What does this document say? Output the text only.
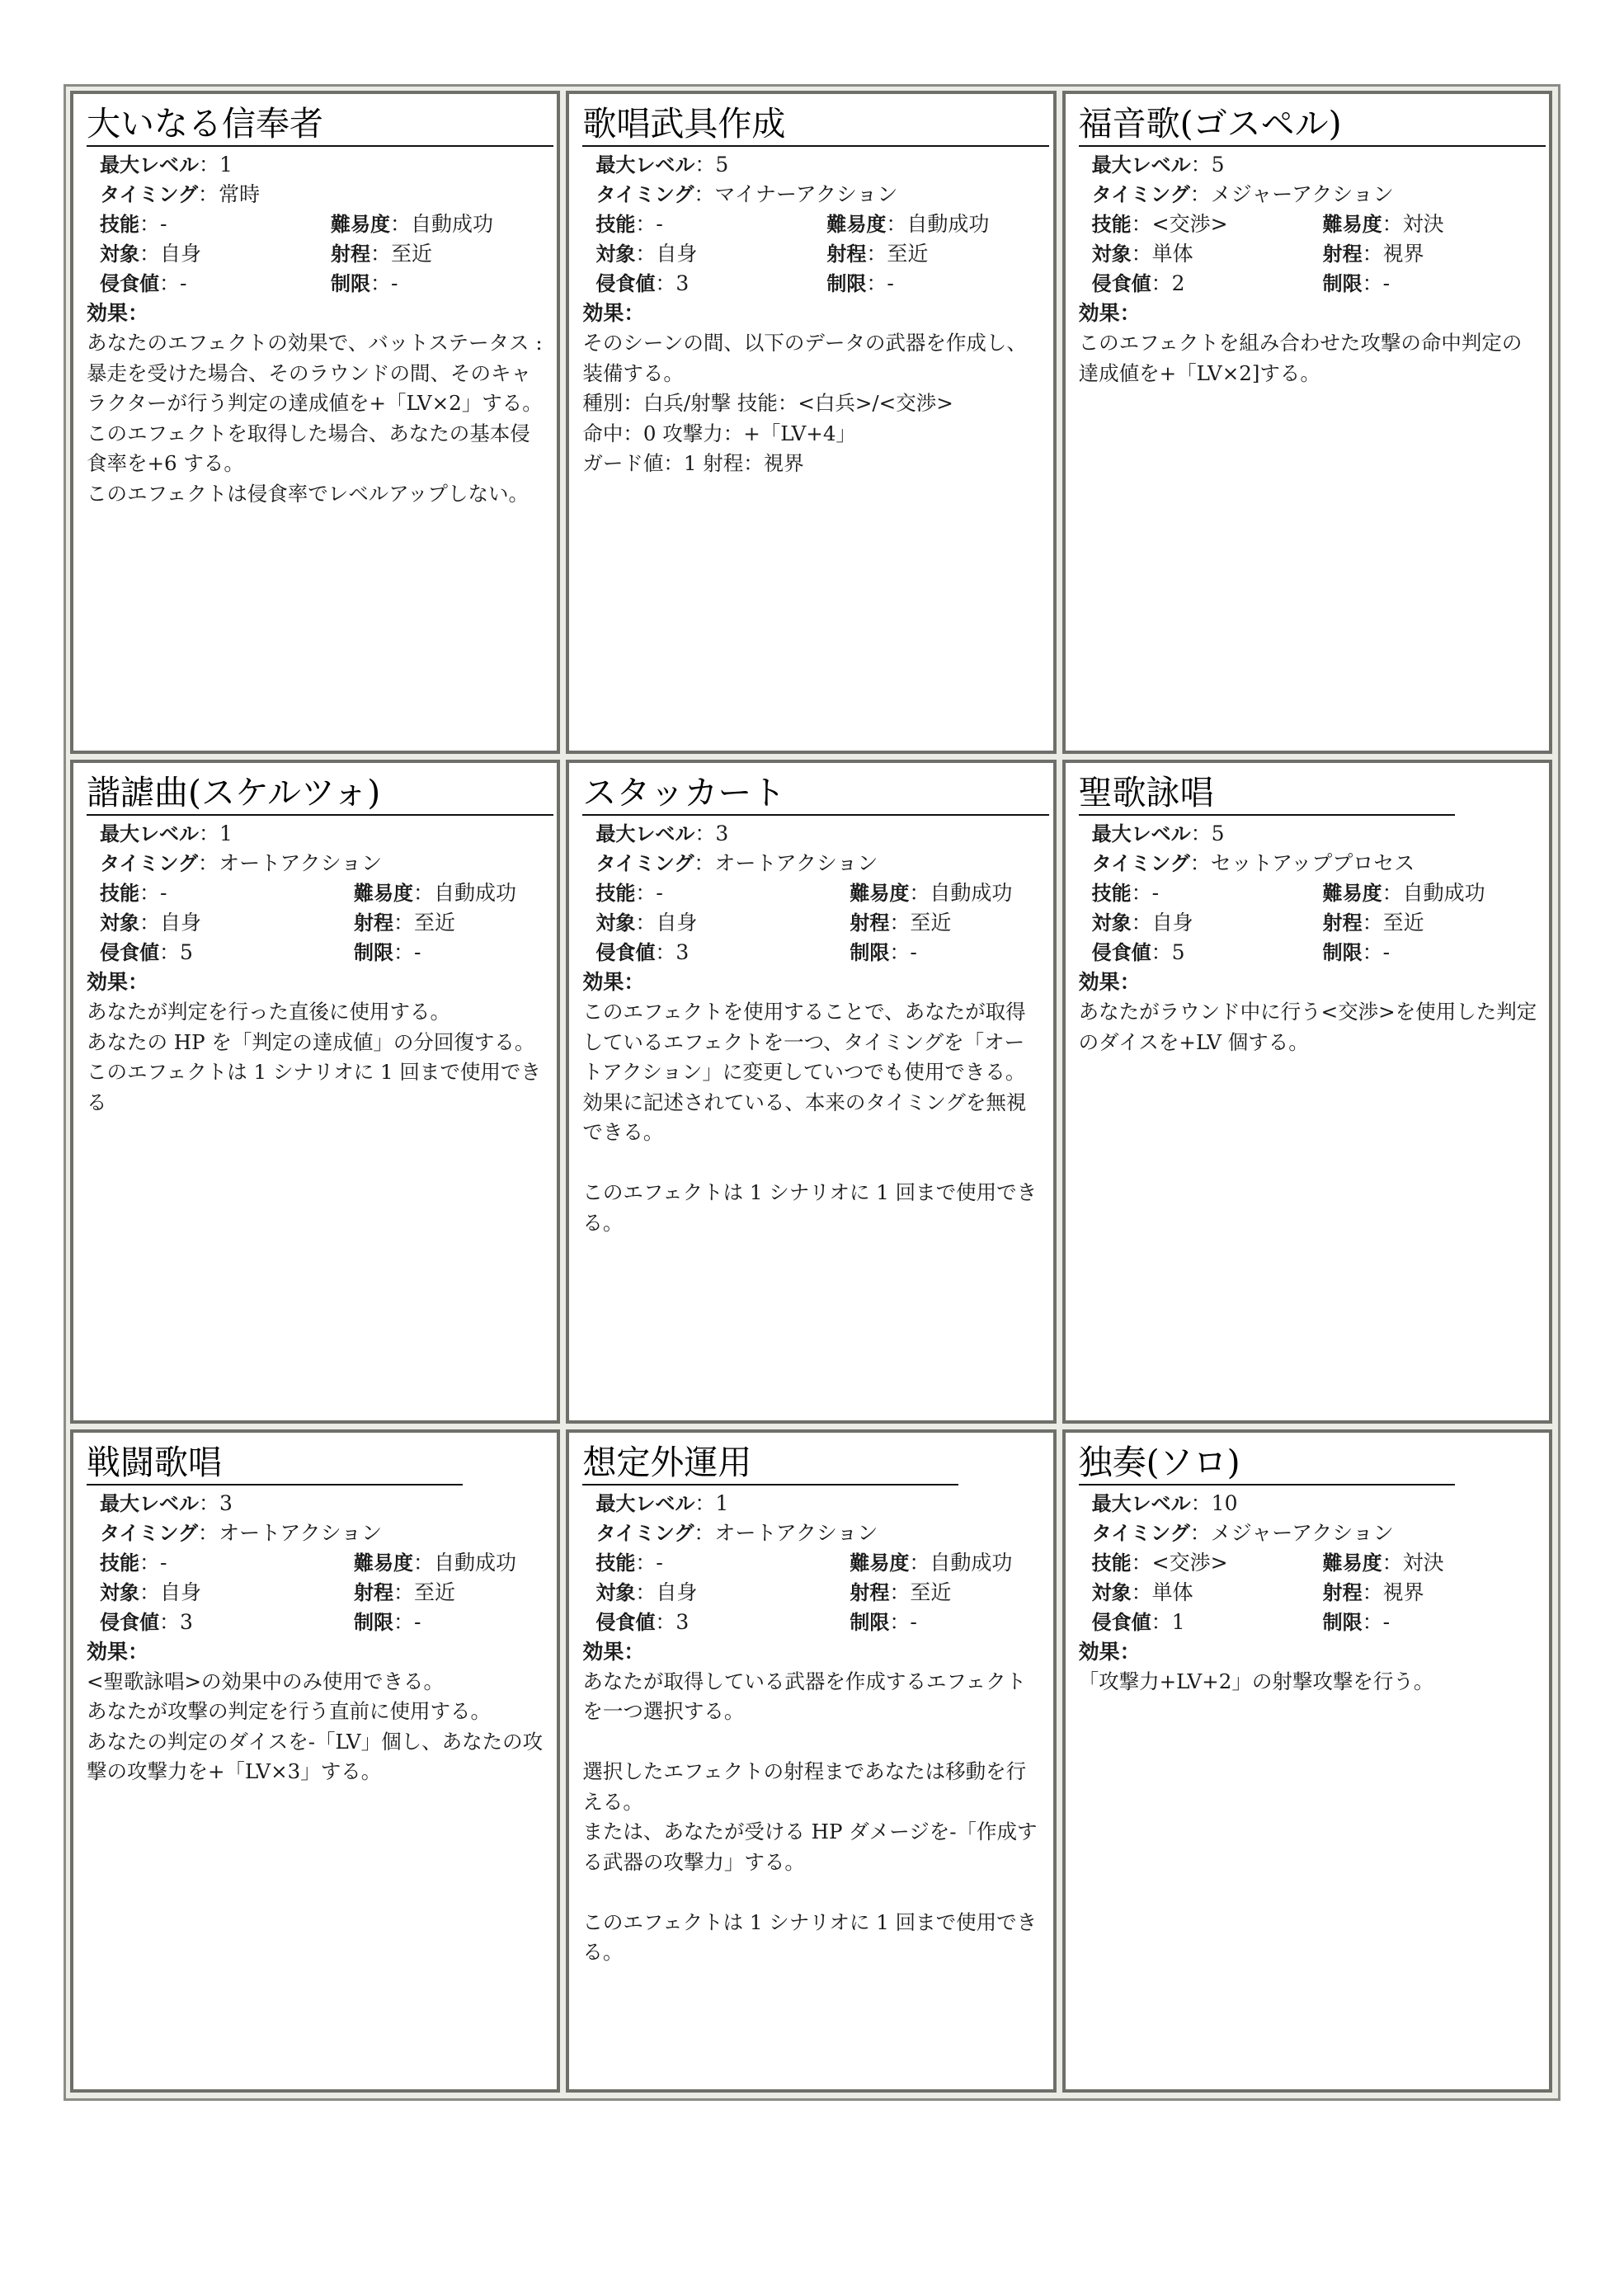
大いなる信奉者
最大レベル：1
タイミング：常時
技能：-	難易度：自動成功
対象：自身	射程：至近
侵食値：-	制限：-
効果：

あなたのエフェクトの効果で、バットステータス :暴走を受けた場合、そのラウンドの間、そのキャラクターが行う判定の達成値を+「LV×2」する。

このエフェクトを取得した場合、あなたの基本侵食率を+6 する。

このエフェクトは侵食率でレベルアップしない。

歌唱武具作成
最大レベル：5
タイミング：マイナーアクション
技能：-	難易度：自動成功
対象：自身	射程：至近
侵食値：3	制限：-
効果：

そのシーンの間、以下のデータの武器を作成し、装備する。

種別：白兵/射撃 技能：<白兵>/<交渉>

命中：0 攻撃力：+「LV+4」

ガード値：1 射程：視界

福音歌(ゴスペル)
最大レベル：5
タイミング：メジャーアクション
技能：<交渉>	難易度：対決
対象：単体	射程：視界
侵食値：2	制限：-
効果：

このエフェクトを組み合わせた攻撃の命中判定の達成値を+「LV×2]する。

諧謔曲(スケルツォ)
最大レベル：1
タイミング：オートアクション
技能：-	難易度：自動成功
対象：自身	射程：至近
侵食値：5	制限：-
効果：

あなたが判定を行った直後に使用する。

あなたの HP を「判定の達成値」の分回復する。

このエフェクトは 1 シナリオに 1 回まで使用できる

スタッカート
最大レベル：3
タイミング：オートアクション
技能：-	難易度：自動成功
対象：自身	射程：至近
侵食値：3	制限：-
効果：

このエフェクトを使用することで、あなたが取得しているエフェクトを一つ、タイミングを「オートアクション」に変更していつでも使用できる。

効果に記述されている、本来のタイミングを無視できる。

このエフェクトは 1 シナリオに 1 回まで使用できる。

聖歌詠唱
最大レベル：5
タイミング：セットアッププロセス
技能：-	難易度：自動成功
対象：自身	射程：至近
侵食値：5	制限：-
効果：

あなたがラウンド中に行う<交渉>を使用した判定のダイスを+LV 個する。

戦闘歌唱
最大レベル：3
タイミング：オートアクション
技能：-	難易度：自動成功
対象：自身	射程：至近
侵食値：3	制限：-
効果：

<聖歌詠唱>の効果中のみ使用できる。

あなたが攻撃の判定を行う直前に使用する。

あなたの判定のダイスを-「LV」個し、あなたの攻撃の攻撃力を+「LV×3」する。

想定外運用
最大レベル：1
タイミング：オートアクション
技能：-	難易度：自動成功
対象：自身	射程：至近
侵食値：3	制限：-
効果：

あなたが取得している武器を作成するエフェクトを一つ選択する。

選択したエフェクトの射程まであなたは移動を行える。

または、あなたが受ける HP ダメージを-「作成する武器の攻撃力」する。

このエフェクトは 1 シナリオに 1 回まで使用できる。

独奏(ソロ)
最大レベル：10
タイミング：メジャーアクション
技能：<交渉>	難易度：対決
対象：単体	射程：視界
侵食値：1	制限：-
効果：

「攻撃力+LV+2」の射撃攻撃を行う。
